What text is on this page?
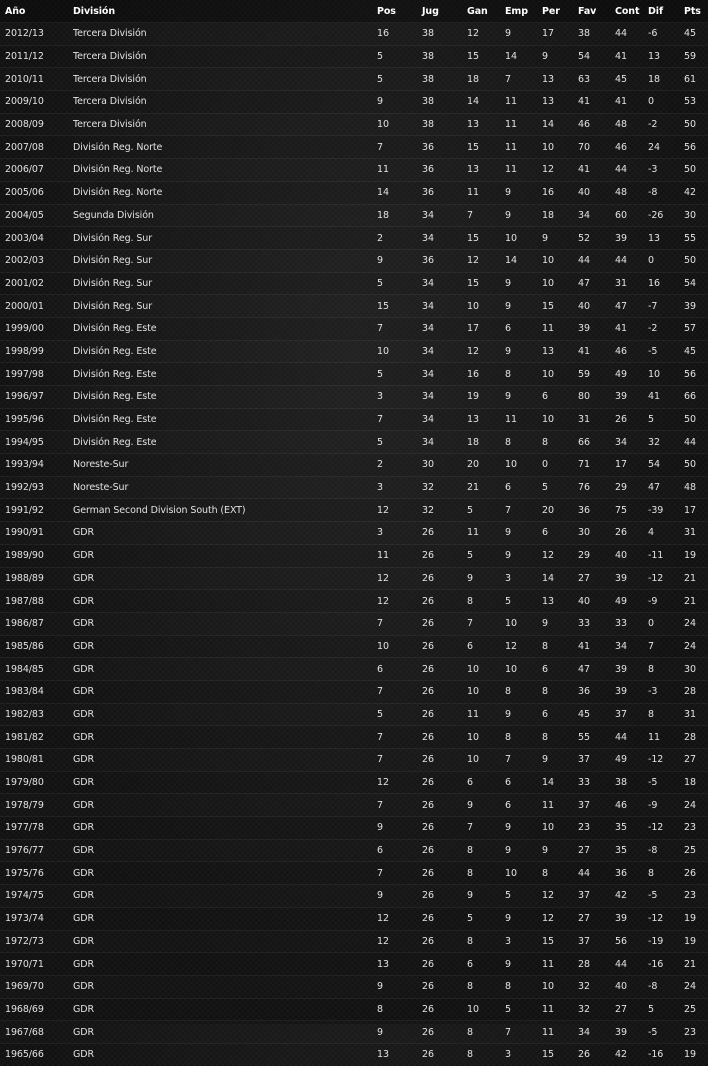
Año	División	Pos	Jug	Gan	Emp	Per	Fav	Cont	Dif	Pts
2012/13	Tercera División	16	38	12	9	17	38	44	-6	45
2011/12	Tercera División	5	38	15	14	9	54	41	13	59
2010/11	Tercera División	5	38	18	7	13	63	45	18	61
2009/10	Tercera División	9	38	14	11	13	41	41	0	53
2008/09	Tercera División	10	38	13	11	14	46	48	-2	50
2007/08	División Reg. Norte	7	36	15	11	10	70	46	24	56
2006/07	División Reg. Norte	11	36	13	11	12	41	44	-3	50
2005/06	División Reg. Norte	14	36	11	9	16	40	48	-8	42
2004/05	Segunda División	18	34	7	9	18	34	60	-26	30
2003/04	División Reg. Sur	2	34	15	10	9	52	39	13	55
2002/03	División Reg. Sur	9	36	12	14	10	44	44	0	50
2001/02	División Reg. Sur	5	34	15	9	10	47	31	16	54
2000/01	División Reg. Sur	15	34	10	9	15	40	47	-7	39
1999/00	División Reg. Este	7	34	17	6	11	39	41	-2	57
1998/99	División Reg. Este	10	34	12	9	13	41	46	-5	45
1997/98	División Reg. Este	5	34	16	8	10	59	49	10	56
1996/97	División Reg. Este	3	34	19	9	6	80	39	41	66
1995/96	División Reg. Este	7	34	13	11	10	31	26	5	50
1994/95	División Reg. Este	5	34	18	8	8	66	34	32	44
1993/94	Noreste-Sur	2	30	20	10	0	71	17	54	50
1992/93	Noreste-Sur	3	32	21	6	5	76	29	47	48
1991/92	German Second Division South (EXT)	12	32	5	7	20	36	75	-39	17
1990/91	GDR	3	26	11	9	6	30	26	4	31
1989/90	GDR	11	26	5	9	12	29	40	-11	19
1988/89	GDR	12	26	9	3	14	27	39	-12	21
1987/88	GDR	12	26	8	5	13	40	49	-9	21
1986/87	GDR	7	26	7	10	9	33	33	0	24
1985/86	GDR	10	26	6	12	8	41	34	7	24
1984/85	GDR	6	26	10	10	6	47	39	8	30
1983/84	GDR	7	26	10	8	8	36	39	-3	28
1982/83	GDR	5	26	11	9	6	45	37	8	31
1981/82	GDR	7	26	10	8	8	55	44	11	28
1980/81	GDR	7	26	10	7	9	37	49	-12	27
1979/80	GDR	12	26	6	6	14	33	38	-5	18
1978/79	GDR	7	26	9	6	11	37	46	-9	24
1977/78	GDR	9	26	7	9	10	23	35	-12	23
1976/77	GDR	6	26	8	9	9	27	35	-8	25
1975/76	GDR	7	26	8	10	8	44	36	8	26
1974/75	GDR	9	26	9	5	12	37	42	-5	23
1973/74	GDR	12	26	5	9	12	27	39	-12	19
1972/73	GDR	12	26	8	3	15	37	56	-19	19
1970/71	GDR	13	26	6	9	11	28	44	-16	21
1969/70	GDR	9	26	8	8	10	32	40	-8	24
1968/69	GDR	8	26	10	5	11	32	27	5	25
1967/68	GDR	9	26	8	7	11	34	39	-5	23
1965/66	GDR	13	26	8	3	15	26	42	-16	19
